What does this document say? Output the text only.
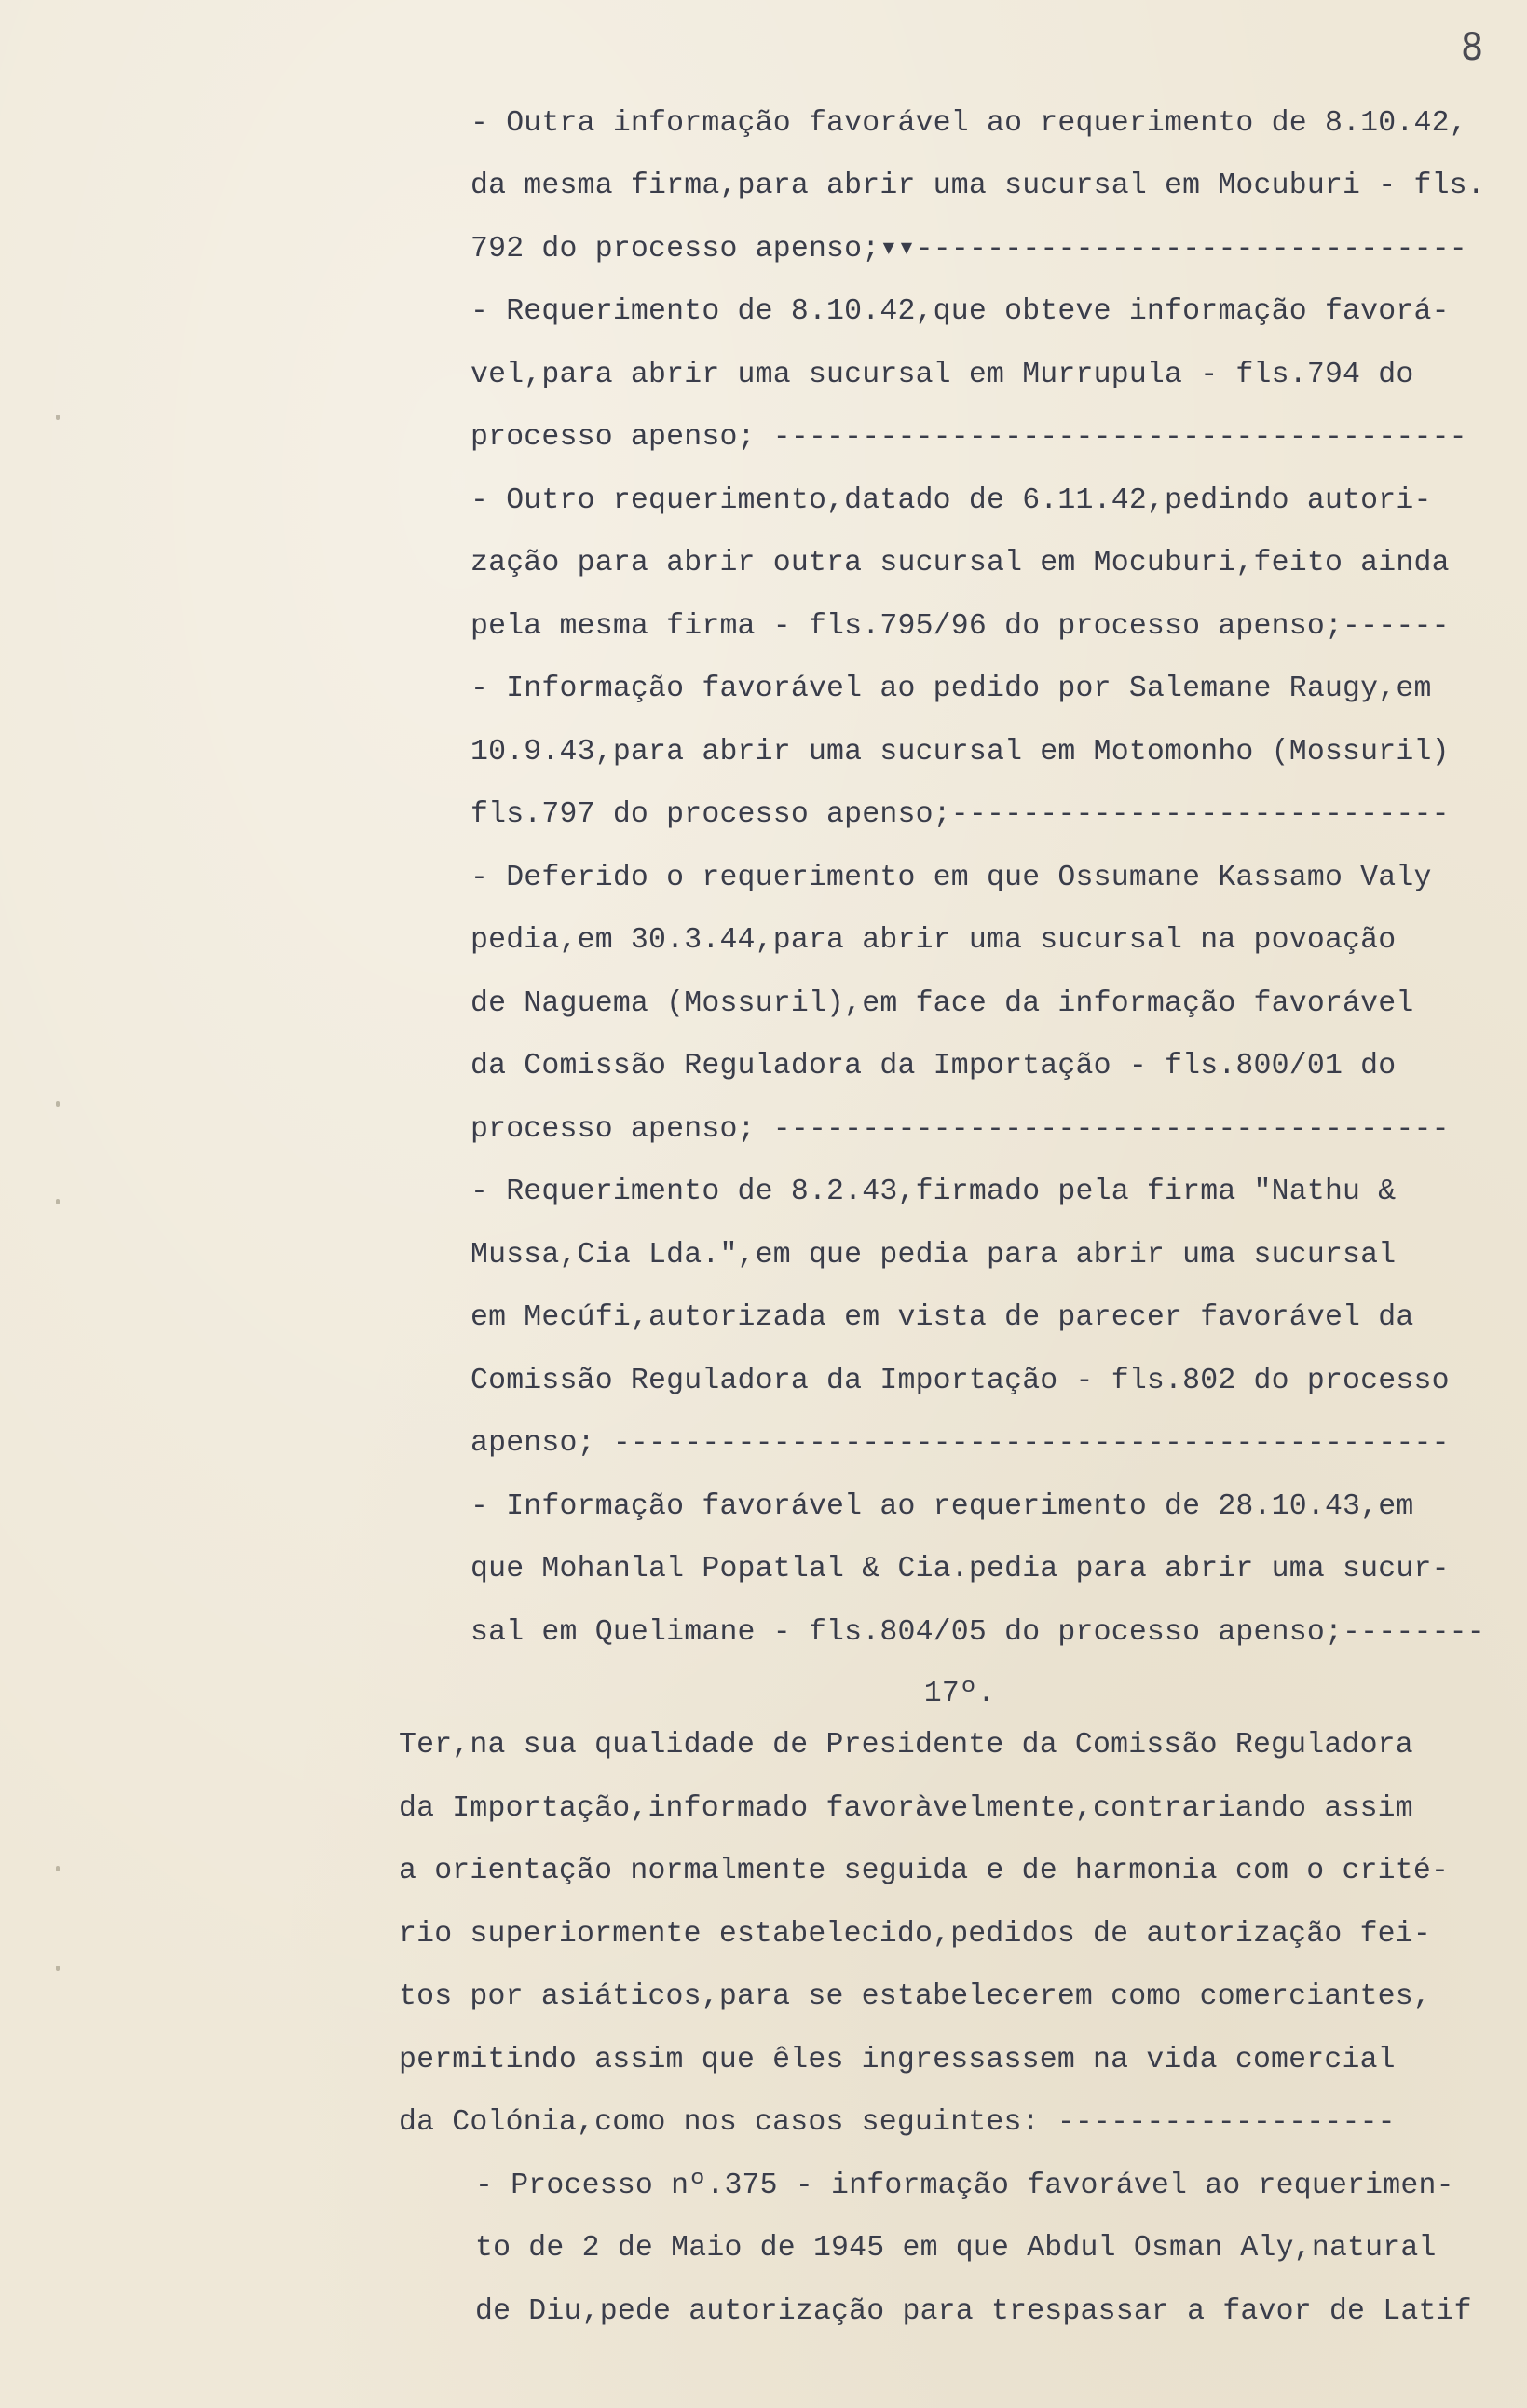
8

- Outra informação favorável ao requerimento de 8.10.42,

da mesma firma,para abrir uma sucursal em Mocuburi - fls.

792 do processo apenso;▾▾-------------------------------

- Requerimento de 8.10.42,que obteve informação favorá-

vel,para abrir uma sucursal em Murrupula - fls.794 do

processo apenso; ---------------------------------------

- Outro requerimento,datado de 6.11.42,pedindo autori-

zação para abrir outra sucursal em Mocuburi,feito ainda

pela mesma firma - fls.795/96 do processo apenso;------

- Informação favorável ao pedido por Salemane Raugy,em

10.9.43,para abrir uma sucursal em Motomonho (Mossuril)

fls.797 do processo apenso;----------------------------

- Deferido o requerimento em que Ossumane Kassamo Valy

pedia,em 30.3.44,para abrir uma sucursal na povoação

de Naguema (Mossuril),em face da informação favorável

da Comissão Reguladora da Importação - fls.800/01 do

processo apenso; --------------------------------------

- Requerimento de 8.2.43,firmado pela firma "Nathu &

Mussa,Cia Lda.",em que pedia para abrir uma sucursal

em Mecúfi,autorizada em vista de parecer favorável da

Comissão Reguladora da Importação - fls.802 do processo

apenso; -----------------------------------------------

- Informação favorável ao requerimento de 28.10.43,em

que Mohanlal Popatlal & Cia.pedia para abrir uma sucur-

sal em Quelimane - fls.804/05 do processo apenso;--------

17º.

Ter,na sua qualidade de Presidente da Comissão Reguladora

da Importação,informado favoràvelmente,contrariando assim

a orientação normalmente seguida e de harmonia com o crité-

rio superiormente estabelecido,pedidos de autorização fei-

tos por asiáticos,para se estabelecerem como comerciantes,

permitindo assim que êles ingressassem na vida comercial

da Colónia,como nos casos seguintes: -------------------

- Processo nº.375 - informação favorável ao requerimen-

to de 2 de Maio de 1945 em que Abdul Osman Aly,natural

de Diu,pede autorização para trespassar a favor de Latif
